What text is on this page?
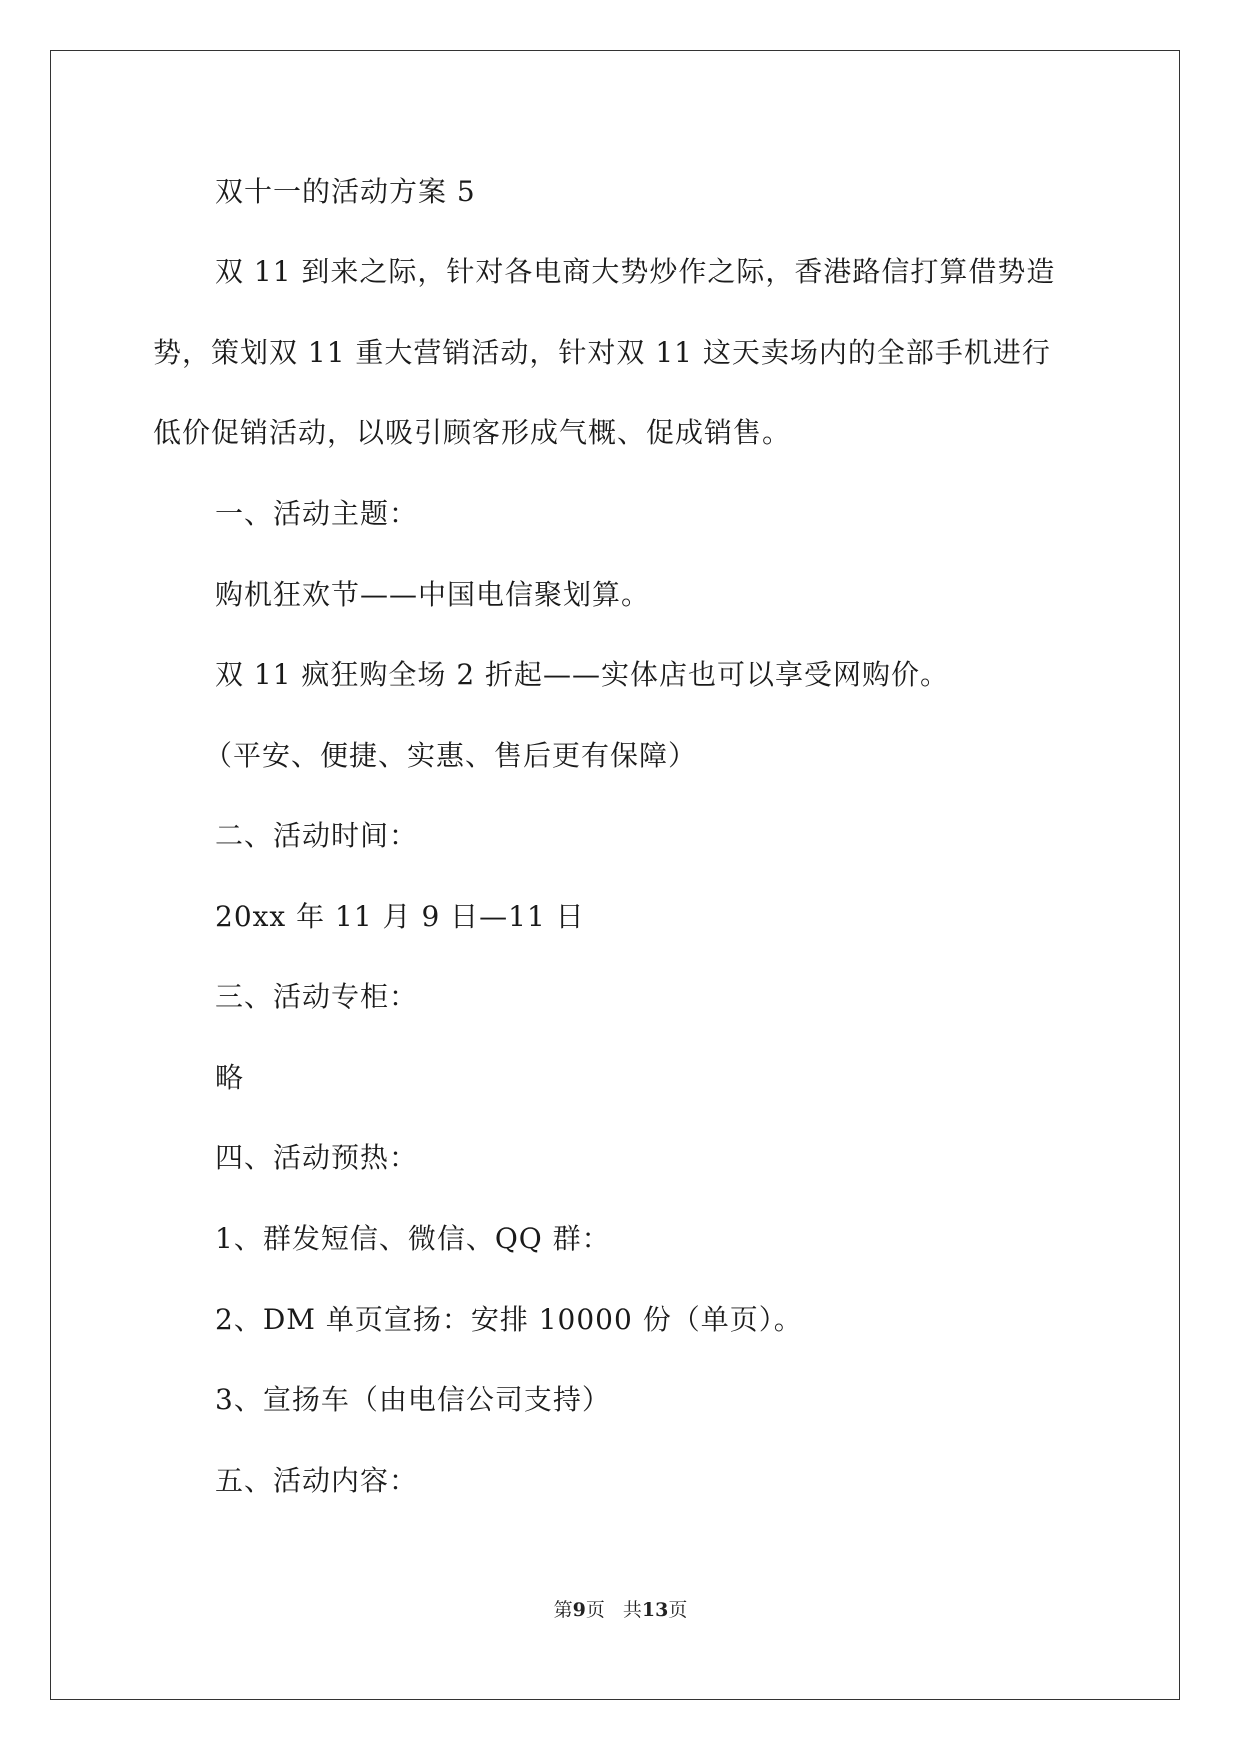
双十一的活动方案 5
双 11 到来之际，针对各电商大势炒作之际，香港路信打算借势造
势，策划双 11 重大营销活动，针对双 11 这天卖场内的全部手机进行
低价促销活动，以吸引顾客形成气概、促成销售。
一、活动主题：
购机狂欢节——中国电信聚划算。
双 11 疯狂购全场 2 折起——实体店也可以享受网购价。
（平安、便捷、实惠、售后更有保障）
二、活动时间：
20xx 年 11 月 9 日—11 日
三、活动专柜：
略
四、活动预热：
1、群发短信、微信、QQ 群：
2、DM 单页宣扬：安排 10000 份（单页）。
3、宣扬车（由电信公司支持）
五、活动内容：
第9页 共13页
